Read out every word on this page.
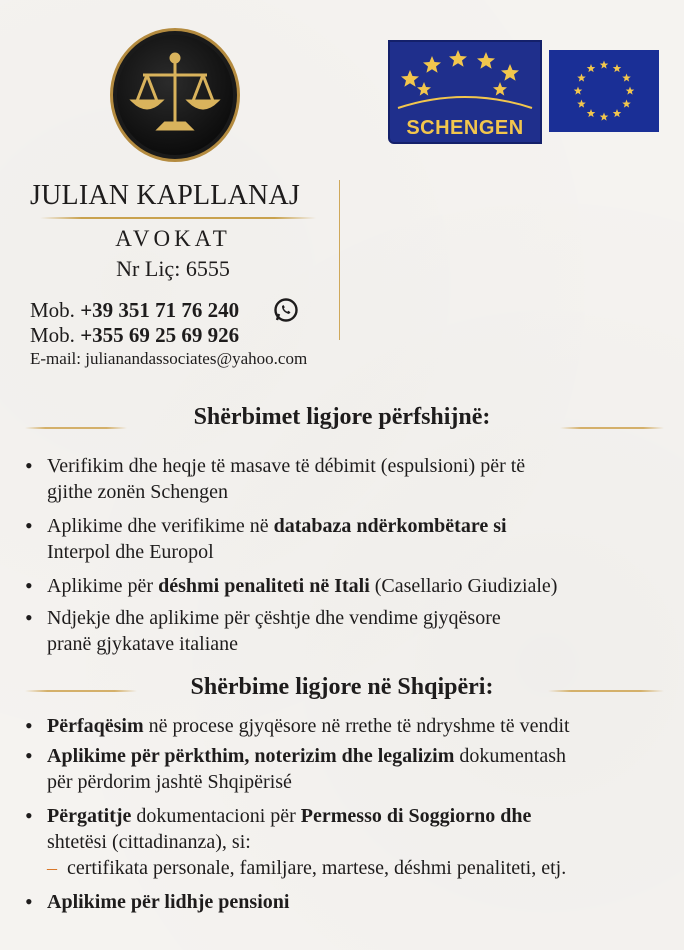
SCHENGEN
JULIAN KAPLLANAJ
AVOKAT
Nr Liç: 6555
Mob. +39 351 71 76 240
Mob. +355 69 25 69 926
E-mail: julianandassociates@yahoo.com
Shërbimet ligjore përfshijnë:
• Verifikim dhe heqje të masave të débimit (espulsioni) për të
gjithe zonën Schengen
• Aplikime dhe verifikime në databaza ndërkombëtare si
Interpol dhe Europol
• Aplikime për déshmi penaliteti në Itali (Casellario Giudiziale)
• Ndjekje dhe aplikime për çështje dhe vendime gjyqësore
pranë gjykatave italiane
Shërbime ligjore në Shqipëri:
• Përfaqësim në procese gjyqësore në rrethe të ndryshme të vendit
• Aplikime për përkthim, noterizim dhe legalizim dokumentash
për përdorim jashtë Shqipërisé
• Përgatitje dokumentacioni për Permesso di Soggiorno dhe
shtetësi (cittadinanza), si:
– certifikata personale, familjare, martese, déshmi penaliteti, etj.
• Aplikime për lidhje pensioni
